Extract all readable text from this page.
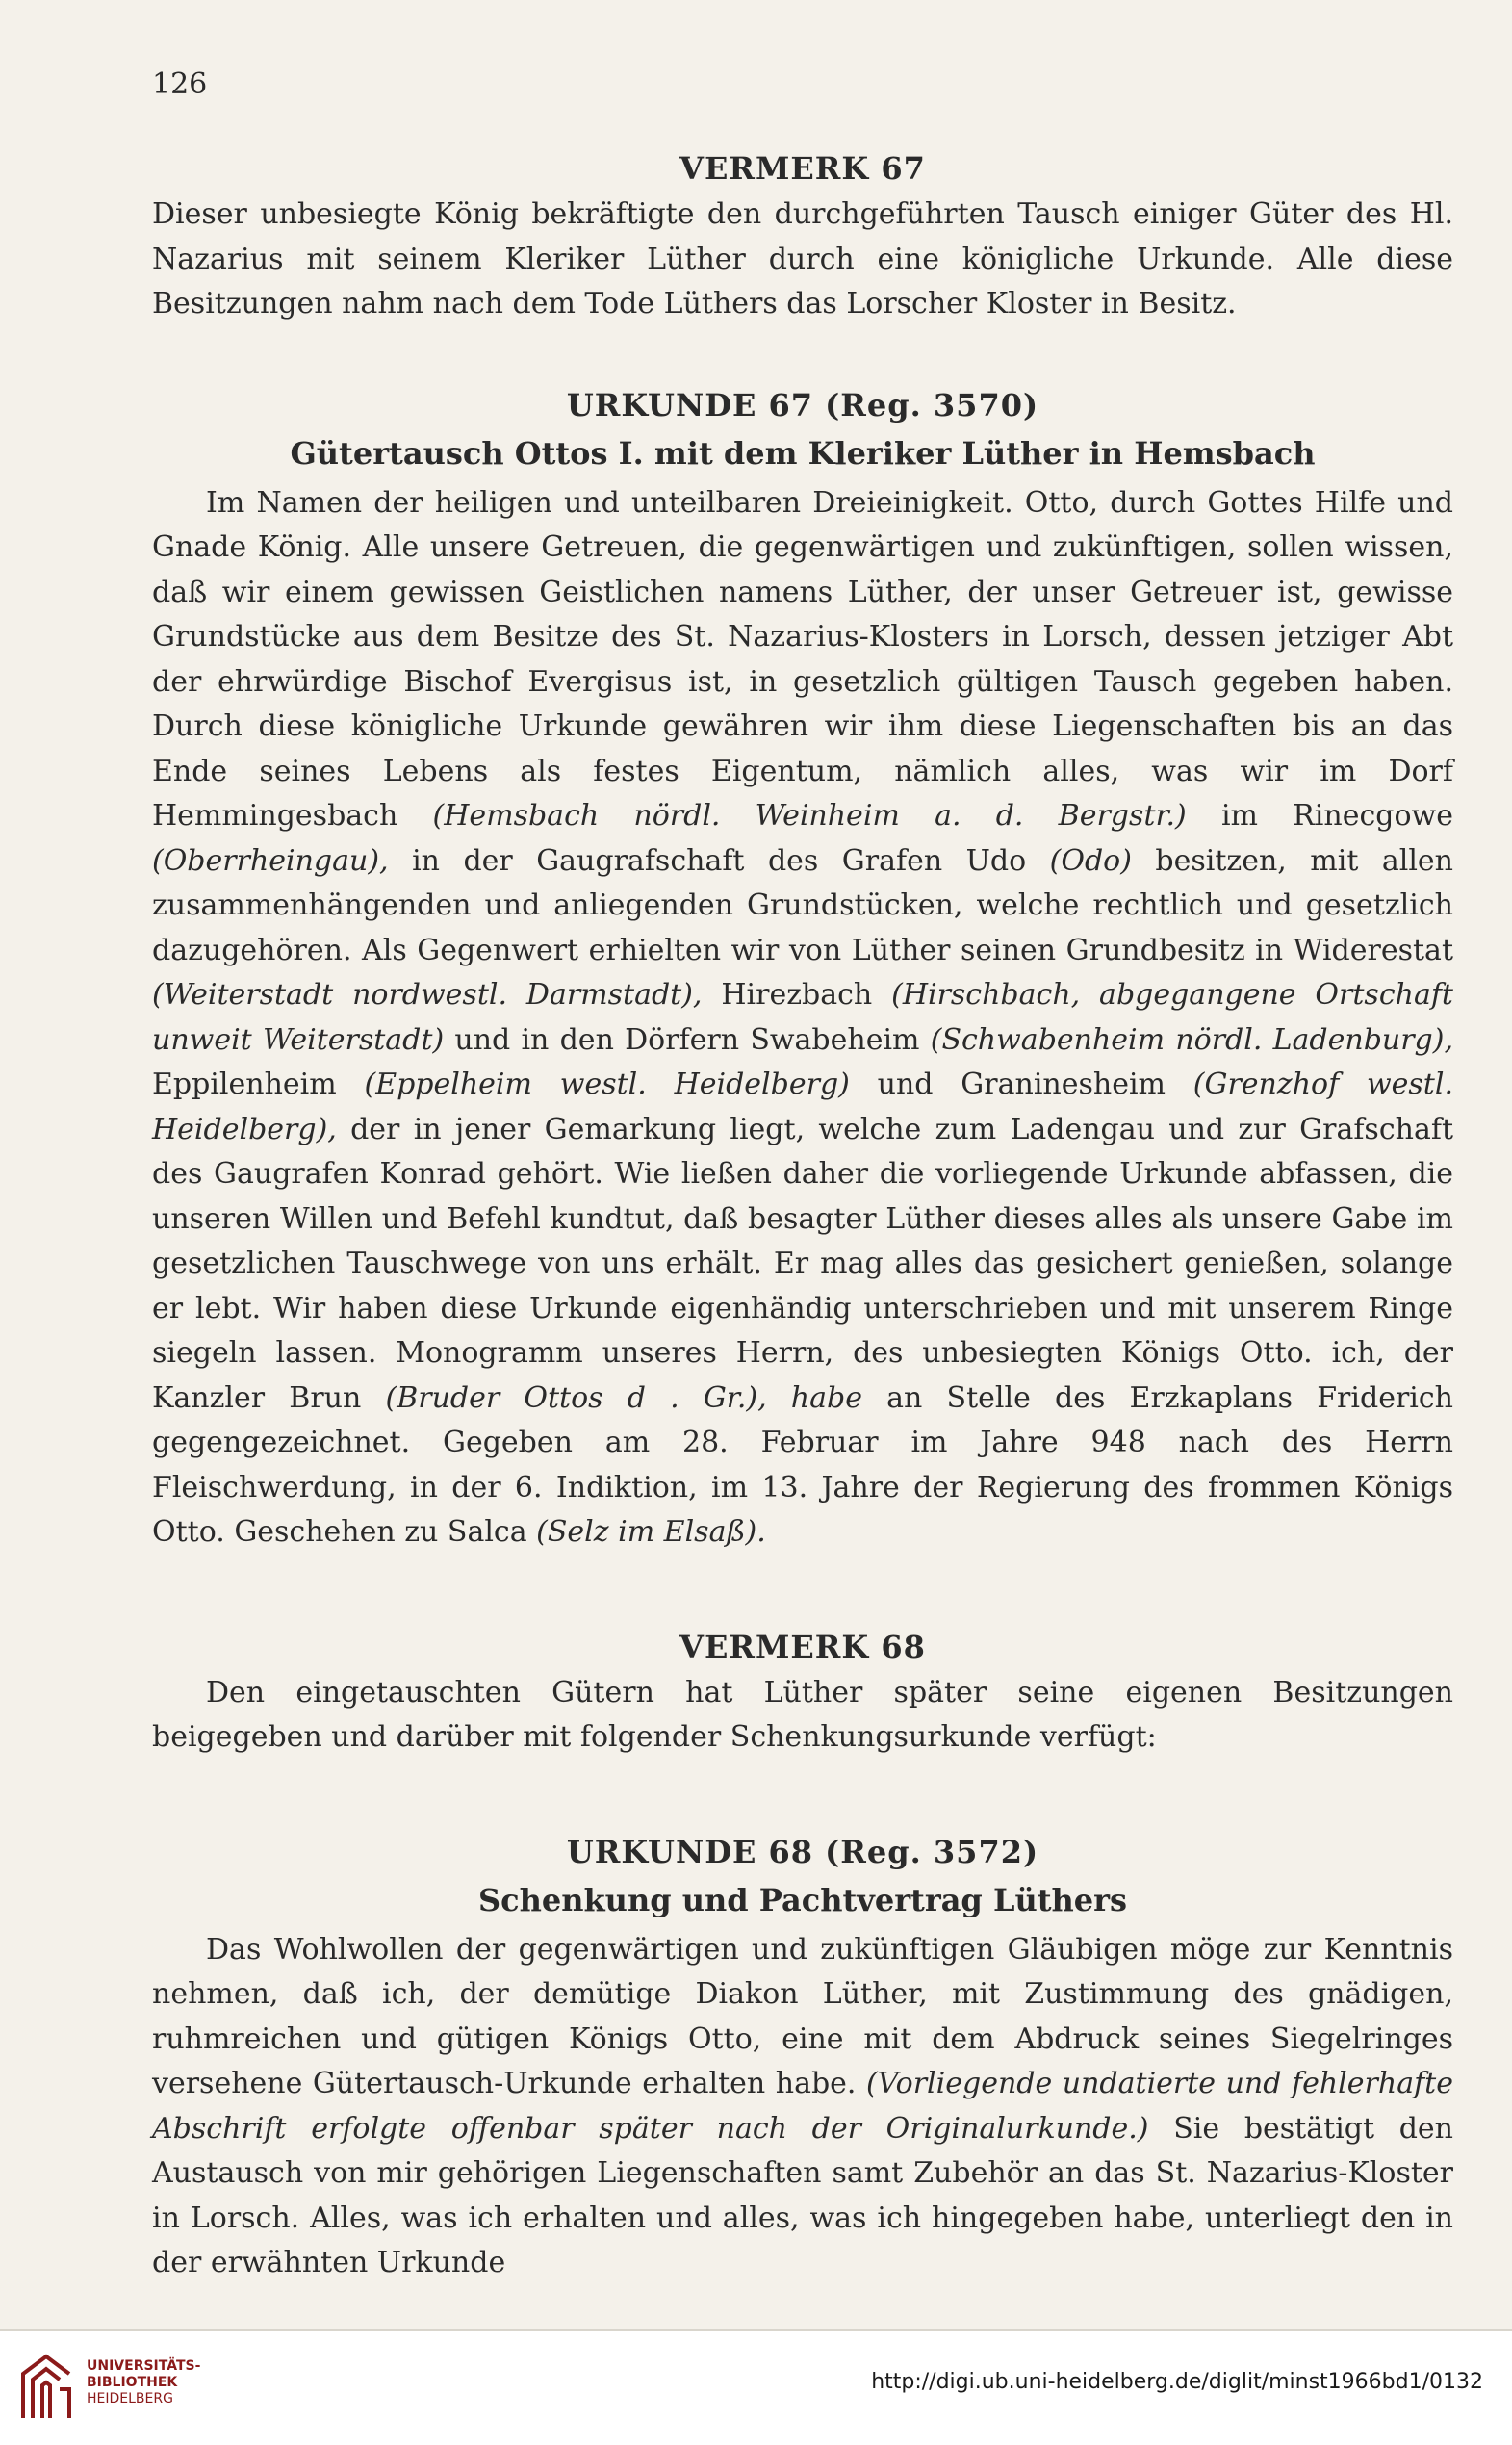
126

VERMERK 67

Dieser unbesiegte König bekräftigte den durchgeführten Tausch einiger Güter des Hl. Nazarius mit seinem Kleriker Lüther durch eine königliche Urkunde. Alle diese Besitzungen nahm nach dem Tode Lüthers das Lorscher Kloster in Besitz.

URKUNDE 67 (Reg. 3570)
Gütertausch Ottos I. mit dem Kleriker Lüther in Hemsbach

Im Namen der heiligen und unteilbaren Dreieinigkeit. Otto, durch Gottes Hilfe und Gnade König. Alle unsere Getreuen, die gegenwärtigen und zukünftigen, sollen wissen, daß wir einem gewissen Geistlichen namens Lüther, der unser Getreuer ist, gewisse Grundstücke aus dem Besitze des St. Nazarius-Klosters in Lorsch, dessen jetziger Abt der ehrwürdige Bischof Evergisus ist, in gesetzlich gültigen Tausch gegeben haben. Durch diese königliche Urkunde gewähren wir ihm diese Liegenschaften bis an das Ende seines Lebens als festes Eigentum, nämlich alles, was wir im Dorf Hemmingesbach (Hemsbach nördl. Weinheim a. d. Bergstr.) im Rinecgowe (Oberrheingau), in der Gaugrafschaft des Grafen Udo (Odo) besitzen, mit allen zusammenhängenden und anliegenden Grundstücken, welche rechtlich und gesetzlich dazugehören. Als Gegenwert erhielten wir von Lüther seinen Grundbesitz in Widerestat (Weiterstadt nordwestl. Darmstadt), Hirezbach (Hirschbach, abgegangene Ortschaft unweit Weiterstadt) und in den Dörfern Swabeheim (Schwabenheim nördl. Ladenburg), Eppilenheim (Eppelheim westl. Heidelberg) und Graninesheim (Grenzhof westl. Heidelberg), der in jener Gemarkung liegt, welche zum Ladengau und zur Grafschaft des Gaugrafen Konrad gehört. Wie ließen daher die vorliegende Urkunde abfassen, die unseren Willen und Befehl kundtut, daß besagter Lüther dieses alles als unsere Gabe im gesetzlichen Tauschwege von uns erhält. Er mag alles das gesichert genießen, solange er lebt. Wir haben diese Urkunde eigenhändig unterschrieben und mit unserem Ringe siegeln lassen. Monogramm unseres Herrn, des unbesiegten Königs Otto. ich, der Kanzler Brun (Bruder Ottos d . Gr.), habe an Stelle des Erzkaplans Friderich gegengezeichnet. Gegeben am 28. Februar im Jahre 948 nach des Herrn Fleischwerdung, in der 6. Indiktion, im 13. Jahre der Regierung des frommen Königs Otto. Geschehen zu Salca (Selz im Elsaß).

VERMERK 68

Den eingetauschten Gütern hat Lüther später seine eigenen Besitzungen beigegeben und darüber mit folgender Schenkungsurkunde verfügt:

URKUNDE 68 (Reg. 3572)
Schenkung und Pachtvertrag Lüthers

Das Wohlwollen der gegenwärtigen und zukünftigen Gläubigen möge zur Kenntnis nehmen, daß ich, der demütige Diakon Lüther, mit Zustimmung des gnädigen, ruhmreichen und gütigen Königs Otto, eine mit dem Abdruck seines Siegelringes versehene Gütertausch-Urkunde erhalten habe. (Vorliegende undatierte und fehlerhafte Abschrift erfolgte offenbar später nach der Originalurkunde.) Sie bestätigt den Austausch von mir gehörigen Liegenschaften samt Zubehör an das St. Nazarius-Kloster in Lorsch. Alles, was ich erhalten und alles, was ich hingegeben habe, unterliegt den in der erwähnten Urkunde

UNIVERSITÄTS-
BIBLIOTHEK
HEIDELBERG
http://digi.ub.uni-heidelberg.de/diglit/minst1966bd1/0132
